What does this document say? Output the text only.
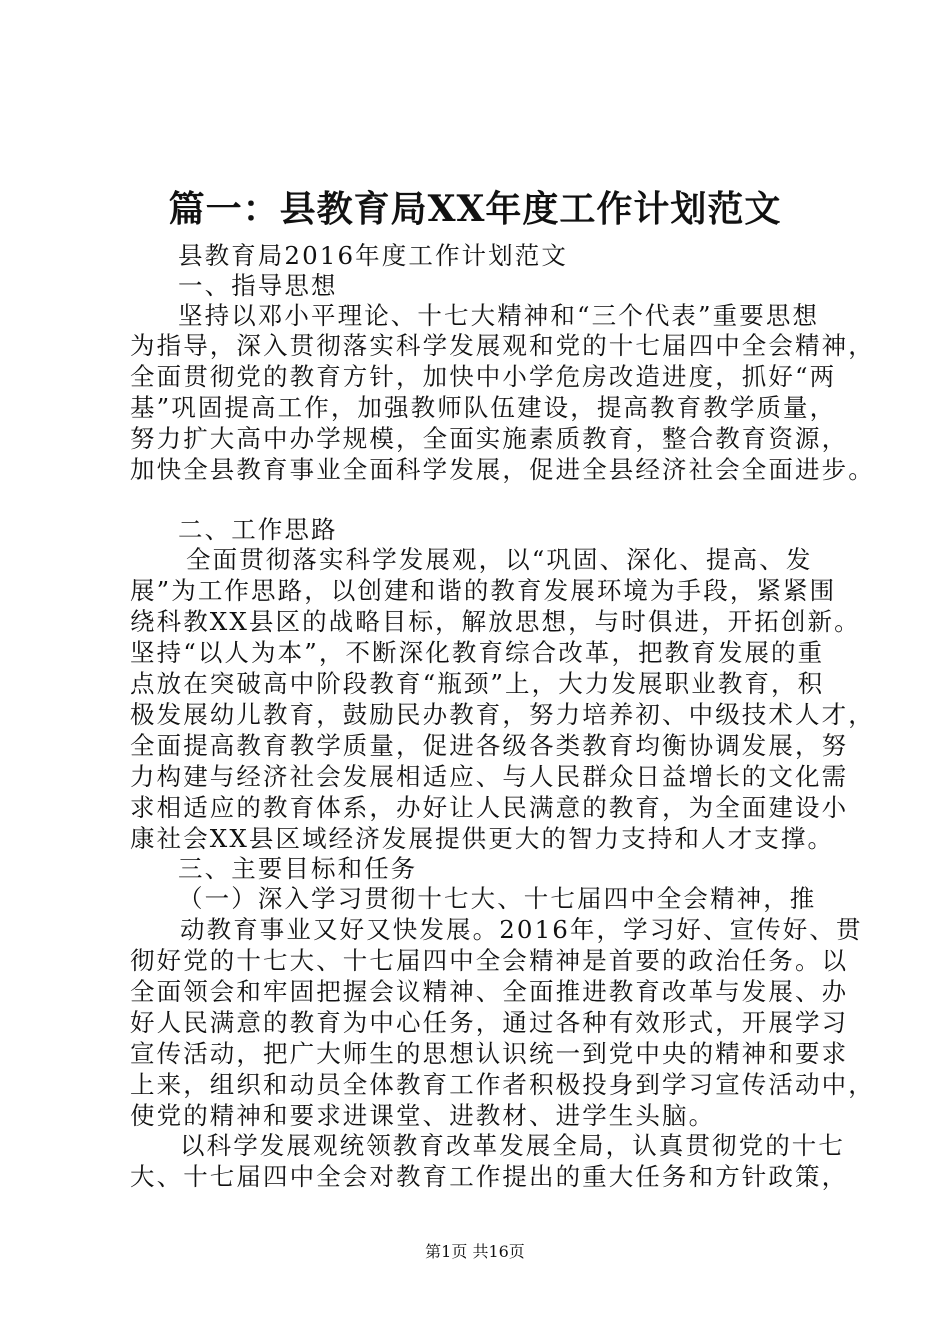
篇一：县教育局XX年度工作计划范文
县教育局2016年度工作计划范文
一、指导思想
坚持以邓小平理论、十七大精神和“三个代表”重要思想
为指导，深入贯彻落实科学发展观和党的十七届四中全会精神，
全面贯彻党的教育方针，加快中小学危房改造进度，抓好“两
基”巩固提高工作，加强教师队伍建设，提高教育教学质量，
努力扩大高中办学规模，全面实施素质教育，整合教育资源，
加快全县教育事业全面科学发展，促进全县经济社会全面进步。
二、工作思路
全面贯彻落实科学发展观，以“巩固、深化、提高、发
展”为工作思路，以创建和谐的教育发展环境为手段，紧紧围
绕科教XX县区的战略目标，解放思想，与时俱进，开拓创新。
坚持“以人为本”，不断深化教育综合改革，把教育发展的重
点放在突破高中阶段教育“瓶颈”上，大力发展职业教育，积
极发展幼儿教育，鼓励民办教育，努力培养初、中级技术人才，
全面提高教育教学质量，促进各级各类教育均衡协调发展，努
力构建与经济社会发展相适应、与人民群众日益增长的文化需
求相适应的教育体系，办好让人民满意的教育，为全面建设小
康社会XX县区域经济发展提供更大的智力支持和人才支撑。
三、主要目标和任务
（一）深入学习贯彻十七大、十七届四中全会精神，推
动教育事业又好又快发展。2016年，学习好、宣传好、贯
彻好党的十七大、十七届四中全会精神是首要的政治任务。以
全面领会和牢固把握会议精神、全面推进教育改革与发展、办
好人民满意的教育为中心任务，通过各种有效形式，开展学习
宣传活动，把广大师生的思想认识统一到党中央的精神和要求
上来，组织和动员全体教育工作者积极投身到学习宣传活动中，
使党的精神和要求进课堂、进教材、进学生头脑。
以科学发展观统领教育改革发展全局，认真贯彻党的十七
大、十七届四中全会对教育工作提出的重大任务和方针政策，
第1页 共16页
